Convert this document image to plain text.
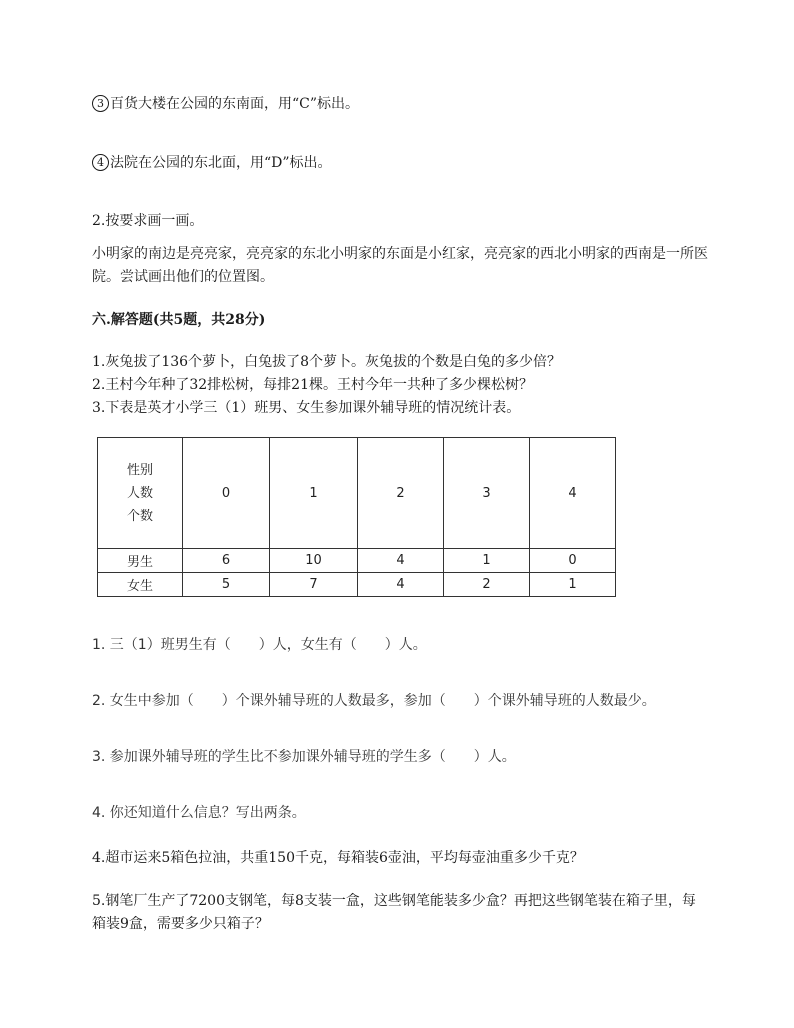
3 百货大楼在公园的东南面，用“C”标出。
4 法院在公园的东北面，用“D”标出。
2.按要求画一画。
小明家的南边是亮亮家，亮亮家的东北小明家的东面是小红家，亮亮家的西北小明家的西南是一所医院。尝试画出他们的位置图。
六.解答题(共5题，共28分)
1.灰兔拔了136个萝卜，白兔拔了8个萝卜。灰兔拔的个数是白兔的多少倍？
2.王村今年种了32排松树，每排21棵。王村今年一共种了多少棵松树？
3.下表是英才小学三（1）班男、女生参加课外辅导班的情况统计表。
性别
人数
个数	0	1	2	3	4
男生	6	10	4	1	0
女生	5	7	4	2	1
1. 三（1）班男生有（　　）人，女生有（　　）人。
2. 女生中参加（　　）个课外辅导班的人数最多，参加（　　）个课外辅导班的人数最少。
3. 参加课外辅导班的学生比不参加课外辅导班的学生多（　　）人。
4. 你还知道什么信息？写出两条。
4.超市运来5箱色拉油，共重150千克，每箱装6壶油，平均每壶油重多少千克？
5.钢笔厂生产了7200支钢笔，每8支装一盒，这些钢笔能装多少盒？再把这些钢笔装在箱子里，每箱装9盒，需要多少只箱子？
